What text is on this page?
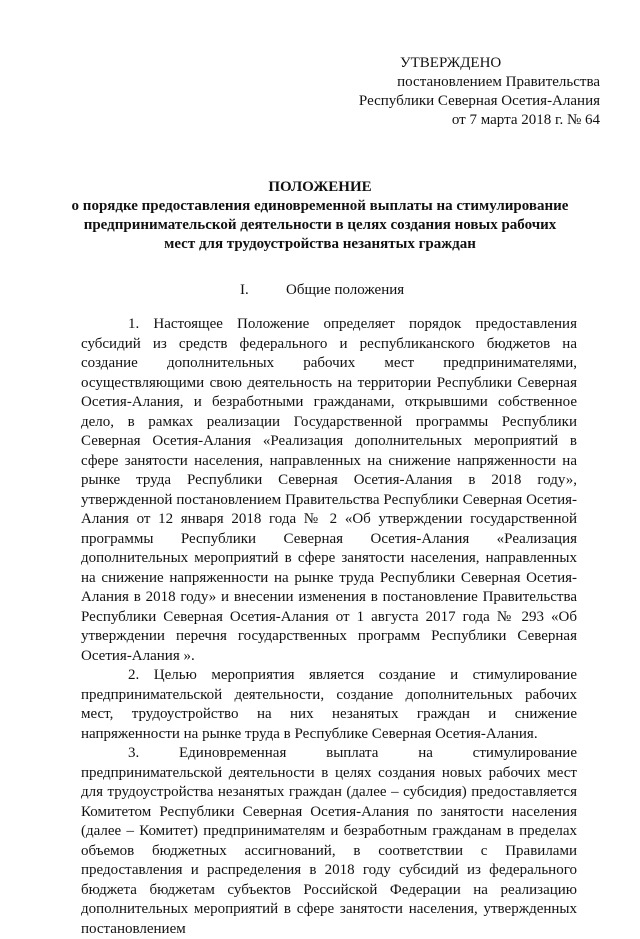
УТВЕРЖДЕНО
постановлением Правительства
Республики Северная Осетия-Алания
от 7 марта 2018 г. № 64
ПОЛОЖЕНИЕ
о порядке предоставления единовременной выплаты на стимулирование
предпринимательской деятельности в целях создания новых рабочих
мест для трудоустройства незанятых граждан
I. Общие положения

1. Настоящее Положение определяет порядок предоставления субсидий из средств федерального и республиканского бюджетов на создание дополнительных рабочих мест предпринимателями, осуществляющими свою деятельность на территории Республики Северная Осетия-Алания, и безработными гражданами, открывшими собственное дело, в рамках реализации Государственной программы Республики Северная Осетия-Алания «Реализация дополнительных мероприятий в сфере занятости населения, направленных на снижение напряженности на рынке труда Республики Северная Осетия-Алания в 2018 году», утвержденной постановлением Правительства Республики Северная Осетия-Алания от 12 января 2018 года № 2 «Об утверждении государственной программы Республики Северная Осетия-Алания «Реализация дополнительных мероприятий в сфере занятости населения, направленных на снижение напряженности на рынке труда Республики Северная Осетия-Алания в 2018 году» и внесении изменения в постановление Правительства Республики Северная Осетия-Алания от 1 августа 2017 года № 293 «Об утверждении перечня государственных программ Республики Северная Осетия-Алания ».

2. Целью мероприятия является создание и стимулирование предпринимательской деятельности, создание дополнительных рабочих мест, трудоустройство на них незанятых граждан и снижение напряженности на рынке труда в Республике Северная Осетия-Алания.

3. Единовременная выплата на стимулирование предпринимательской деятельности в целях создания новых рабочих мест для трудоустройства незанятых граждан (далее – субсидия) предоставляется Комитетом Республики Северная Осетия-Алания по занятости населения (далее – Комитет) предпринимателям и безработным гражданам в пределах объемов бюджетных ассигнований, в соответствии с Правилами предоставления и распределения в 2018 году субсидий из федерального бюджета бюджетам субъектов Российской Федерации на реализацию дополнительных мероприятий в сфере занятости населения, утвержденных постановлением
